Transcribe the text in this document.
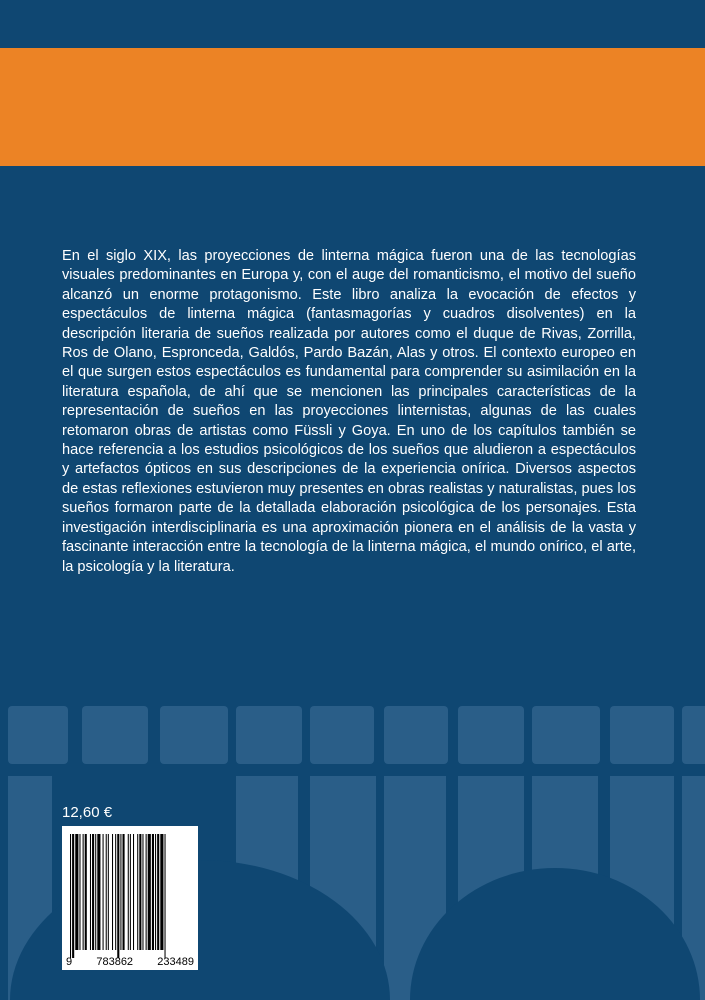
En el siglo XIX, las proyecciones de linterna mágica fueron una de las tecnologías visuales predominantes en Europa y, con el auge del romanticismo, el motivo del sueño alcanzó un enorme protagonismo. Este libro analiza la evocación de efectos y espectáculos de linterna mágica (fantasmagorías y cuadros disolventes) en la descripción literaria de sueños realizada por autores como el duque de Rivas, Zorrilla, Ros de Olano, Espronceda, Galdós, Pardo Bazán, Alas y otros. El contexto europeo en el que surgen estos espectáculos es fundamental para comprender su asimilación en la literatura española, de ahí que se mencionen las principales características de la representación de sueños en las proyecciones linternistas, algunas de las cuales retomaron obras de artistas como Füssli y Goya. En uno de los capítulos también se hace referencia a los estudios psicológicos de los sueños que aludieron a espectáculos y artefactos ópticos en sus descripciones de la experiencia onírica. Diversos aspectos de estas reflexiones estuvieron muy presentes en obras realistas y naturalistas, pues los sueños formaron parte de la detallada elaboración psicológica de los personajes. Esta investigación interdisciplinaria es una aproximación pionera en el análisis de la vasta y fascinante interacción entre la tecnología de la linterna mágica, el mundo onírico, el arte, la psicología y la literatura.

12,60 €
9 783862 233489
